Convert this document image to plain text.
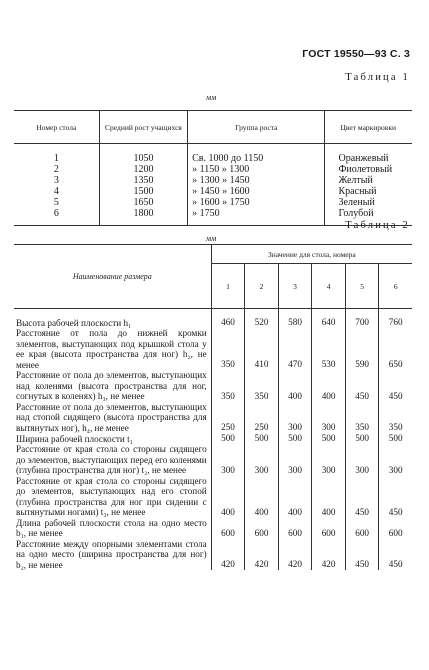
ГОСТ 19550—93 С. 3
Таблица 1
мм
Номер стола	Средний рост учащихся	Группа роста	Цвет маркировки
1	1050	Св. 1000 до 1150	Оранжевый
2	1200	» 1150 » 1300	Фиолетовый
3	1350	» 1300 » 1450	Желтый
4	1500	» 1450 » 1600	Красный
5	1650	» 1600 » 1750	Зеленый
6	1800	» 1750	Голубой
Таблица 2
мм
Наименование размера	Значение для стола, номера					
	1	2	3	4	5	6
Высота рабочей плоскости h₁	460	520	580	640	700	760
Расстояние от пола до нижней кромки элементов, выступающих под крышкой стола у ее края (высота пространства для ног) h₂, не менее	350	410	470	530	590	650
Расстояние от пола до элементов, выступающих над коленями (высота пространства для ног, согнутых в коленях) h₃, не менее	350	350	400	400	450	450
Расстояние от пола до элементов, выступающих над стопой сидящего (высота пространства для вытянутых ног), h₄, не менее	250	250	300	300	350	350
Ширина рабочей плоскости t₁	500	500	500	500	500	500
Расстояние от края стола со стороны сидящего до элементов, выступающих перед его коленями (глубина пространства для ног) t₂, не менее	300	300	300	300	300	300
Расстояние от края стола со стороны сидящего до элементов, выступающих над его стопой (глубина пространства для ног при сидении с вытянутыми ногами) t₃, не менее	400	400	400	400	450	450
Длина рабочей плоскости стола на одно место b₁, не менее	600	600	600	600	600	600
Расстояние между опорными элементами стола на одно место (ширина пространства для ног) b₂, не менее	420	420	420	420	450	450
